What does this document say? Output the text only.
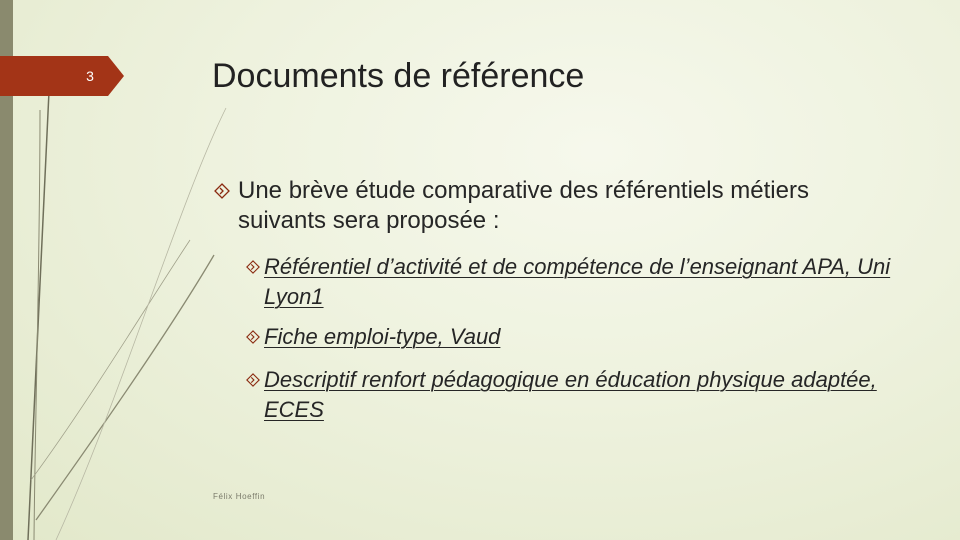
3	Documents de référence
Une brève étude comparative des référentiels métiers suivants sera proposée :
Référentiel d’activité et de compétence de l’enseignant APA, Uni Lyon1
Fiche emploi-type, Vaud
Descriptif renfort pédagogique en éducation physique adaptée, ECES
Félix Hoeffin
